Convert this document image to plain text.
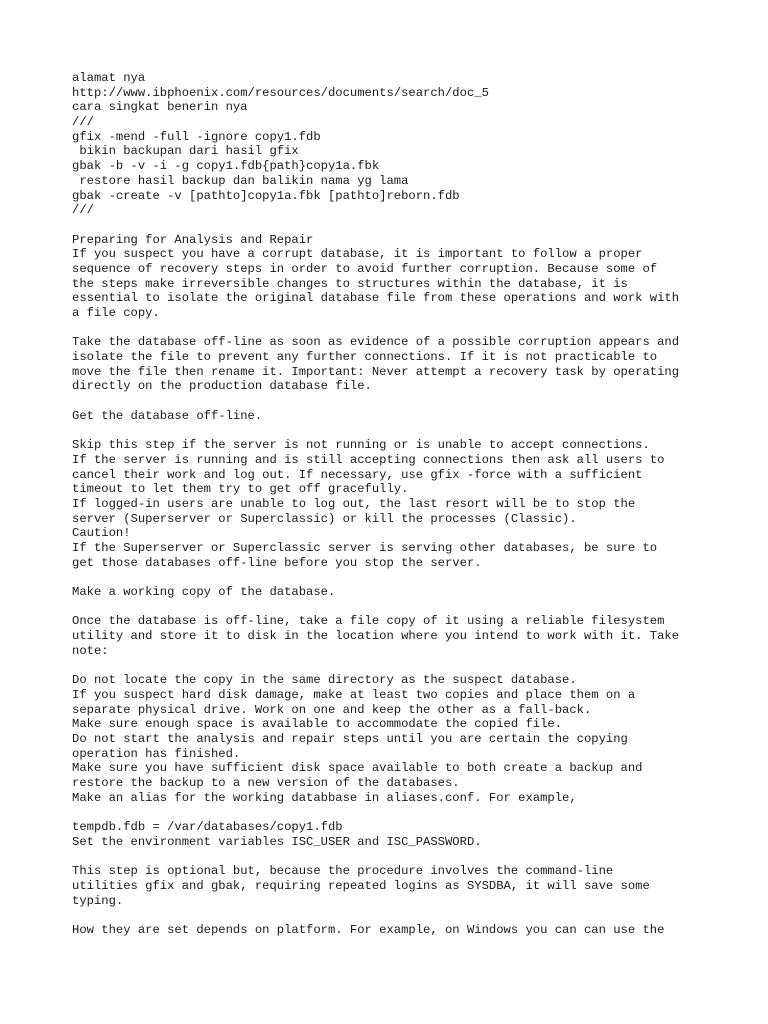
alamat nya
http://www.ibphoenix.com/resources/documents/search/doc_5
cara singkat benerin nya
///
gfix -mend -full -ignore copy1.fdb
bikin backupan dari hasil gfix
gbak -b -v -i -g copy1.fdb{path}copy1a.fbk
restore hasil backup dan balikin nama yg lama
gbak -create -v [pathto]copy1a.fbk [pathto]reborn.fdb
///
Preparing for Analysis and Repair
If you suspect you have a corrupt database, it is important to follow a proper
sequence of recovery steps in order to avoid further corruption. Because some of
the steps make irreversible changes to structures within the database, it is
essential to isolate the original database file from these operations and work with
a file copy.
Take the database off-line as soon as evidence of a possible corruption appears and
isolate the file to prevent any further connections. If it is not practicable to
move the file then rename it. Important: Never attempt a recovery task by operating
directly on the production database file.
Get the database off-line.
Skip this step if the server is not running or is unable to accept connections.
If the server is running and is still accepting connections then ask all users to
cancel their work and log out. If necessary, use gfix -force with a sufficient
timeout to let them try to get off gracefully.
If logged-in users are unable to log out, the last resort will be to stop the
server (Superserver or Superclassic) or kill the processes (Classic).
Caution!
If the Superserver or Superclassic server is serving other databases, be sure to
get those databases off-line before you stop the server.
Make a working copy of the database.
Once the database is off-line, take a file copy of it using a reliable filesystem
utility and store it to disk in the location where you intend to work with it. Take
note:
Do not locate the copy in the same directory as the suspect database.
If you suspect hard disk damage, make at least two copies and place them on a
separate physical drive. Work on one and keep the other as a fall-back.
Make sure enough space is available to accommodate the copied file.
Do not start the analysis and repair steps until you are certain the copying
operation has finished.
Make sure you have sufficient disk space available to both create a backup and
restore the backup to a new version of the databases.
Make an alias for the working databbase in aliases.conf. For example,
tempdb.fdb = /var/databases/copy1.fdb
Set the environment variables ISC_USER and ISC_PASSWORD.
This step is optional but, because the procedure involves the command-line
utilities gfix and gbak, requiring repeated logins as SYSDBA, it will save some
typing.
How they are set depends on platform. For example, on Windows you can can use the
